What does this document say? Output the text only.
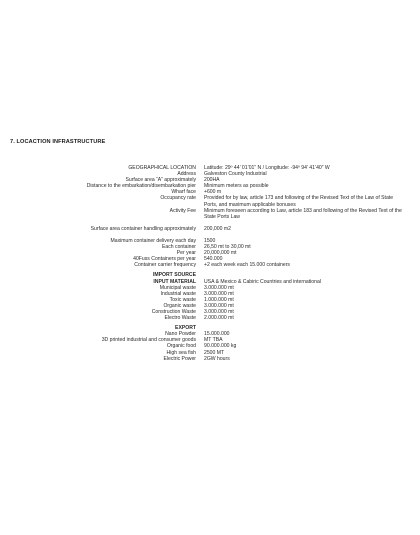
7. LOCACTION INFRASTRUCTURE
GEOGRAPHICAL LOCATION	Latitude: 29º 44’ 01’01” N / Longitude: -94º 94’ 41’40” W
Address	Galveston County Industrial
Surface area “A” approximately	200HA
Distance to the embarkation/disembarkation pier	Minimum meters as possible
Wharf face	+600 m
Occupancy rate	Provided for by law, article 173 and following of the Revised Text of the Law of State Ports, and maximum applicable bonuses
Activity Fee	Minimum foreseen according to Law, article 183 and following of the Revised Text of the State Ports Law
Surface area container handling approximately	200,000 m2
Maximum container delivery each day	1500
Each container	26,50 mt to 30,00 mt
Per year	20,000,000 mt
40Fuss Containers per year	540.000
Container carrier frequency	+2 each week each 15.000 containers
IMPORT SOURCE
INPUT MATERIAL	USA & Mexico & Cabiric Countries and international
Municipal waste	3.000.000 mt
Industrial waste	3.000.000 mt
Toxic waste	1.000.000 mt
Organic waste	3.000.000 mt
Construction Waste	3.000.000 mt
Electro Waste	2.000.000 mt
EXPORT
Nano Powder	15.000.000
3D printed industrial and consumer goods	MT TBA
Organic food	90.000.000 kg
High sea fish	2500 MT
Electric Power	2GW hours
